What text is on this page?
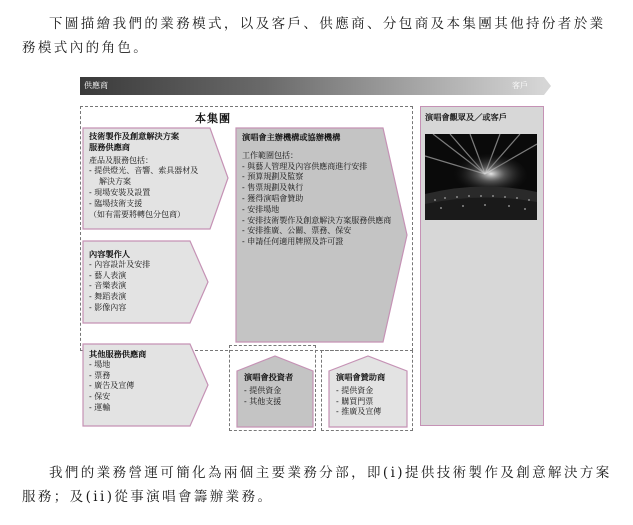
下圖描繪我們的業務模式，以及客戶、供應商、分包商及本集團其他持份者於業務模式內的角色。
供應商	客戶
本集團
技術製作及創意解決方案
服務供應商
產品及服務包括：
- 提供燈光、音響、索具器材及
解決方案
- 現場安裝及設置
- 臨場技術支援
（如有需要將轉包分包商）
內容製作人
- 內容設計及安排
- 藝人表演
- 音樂表演
- 舞蹈表演
- 影像內容
其他服務供應商
- 場地
- 票務
- 廣告及宣傳
- 保安
- 運輸
演唱會主辦機構或協辦機構
工作範圍包括：
- 與藝人管理及內容供應商進行安排
- 預算規劃及監察
- 售票規劃及執行
- 獲得演唱會贊助
- 安排場地
- 安排技術製作及創意解決方案服務供應商
- 安排推廣、公關、票務、保安
- 申請任何適用牌照及許可證
演唱會投資者
- 提供資金
- 其他支援
演唱會贊助商
- 提供資金
- 購買門票
- 推廣及宣傳
演唱會觀眾及／或客戶
我們的業務營運可簡化為兩個主要業務分部，即(i)提供技術製作及創意解決方案服務；及(ii)從事演唱會籌辦業務。
